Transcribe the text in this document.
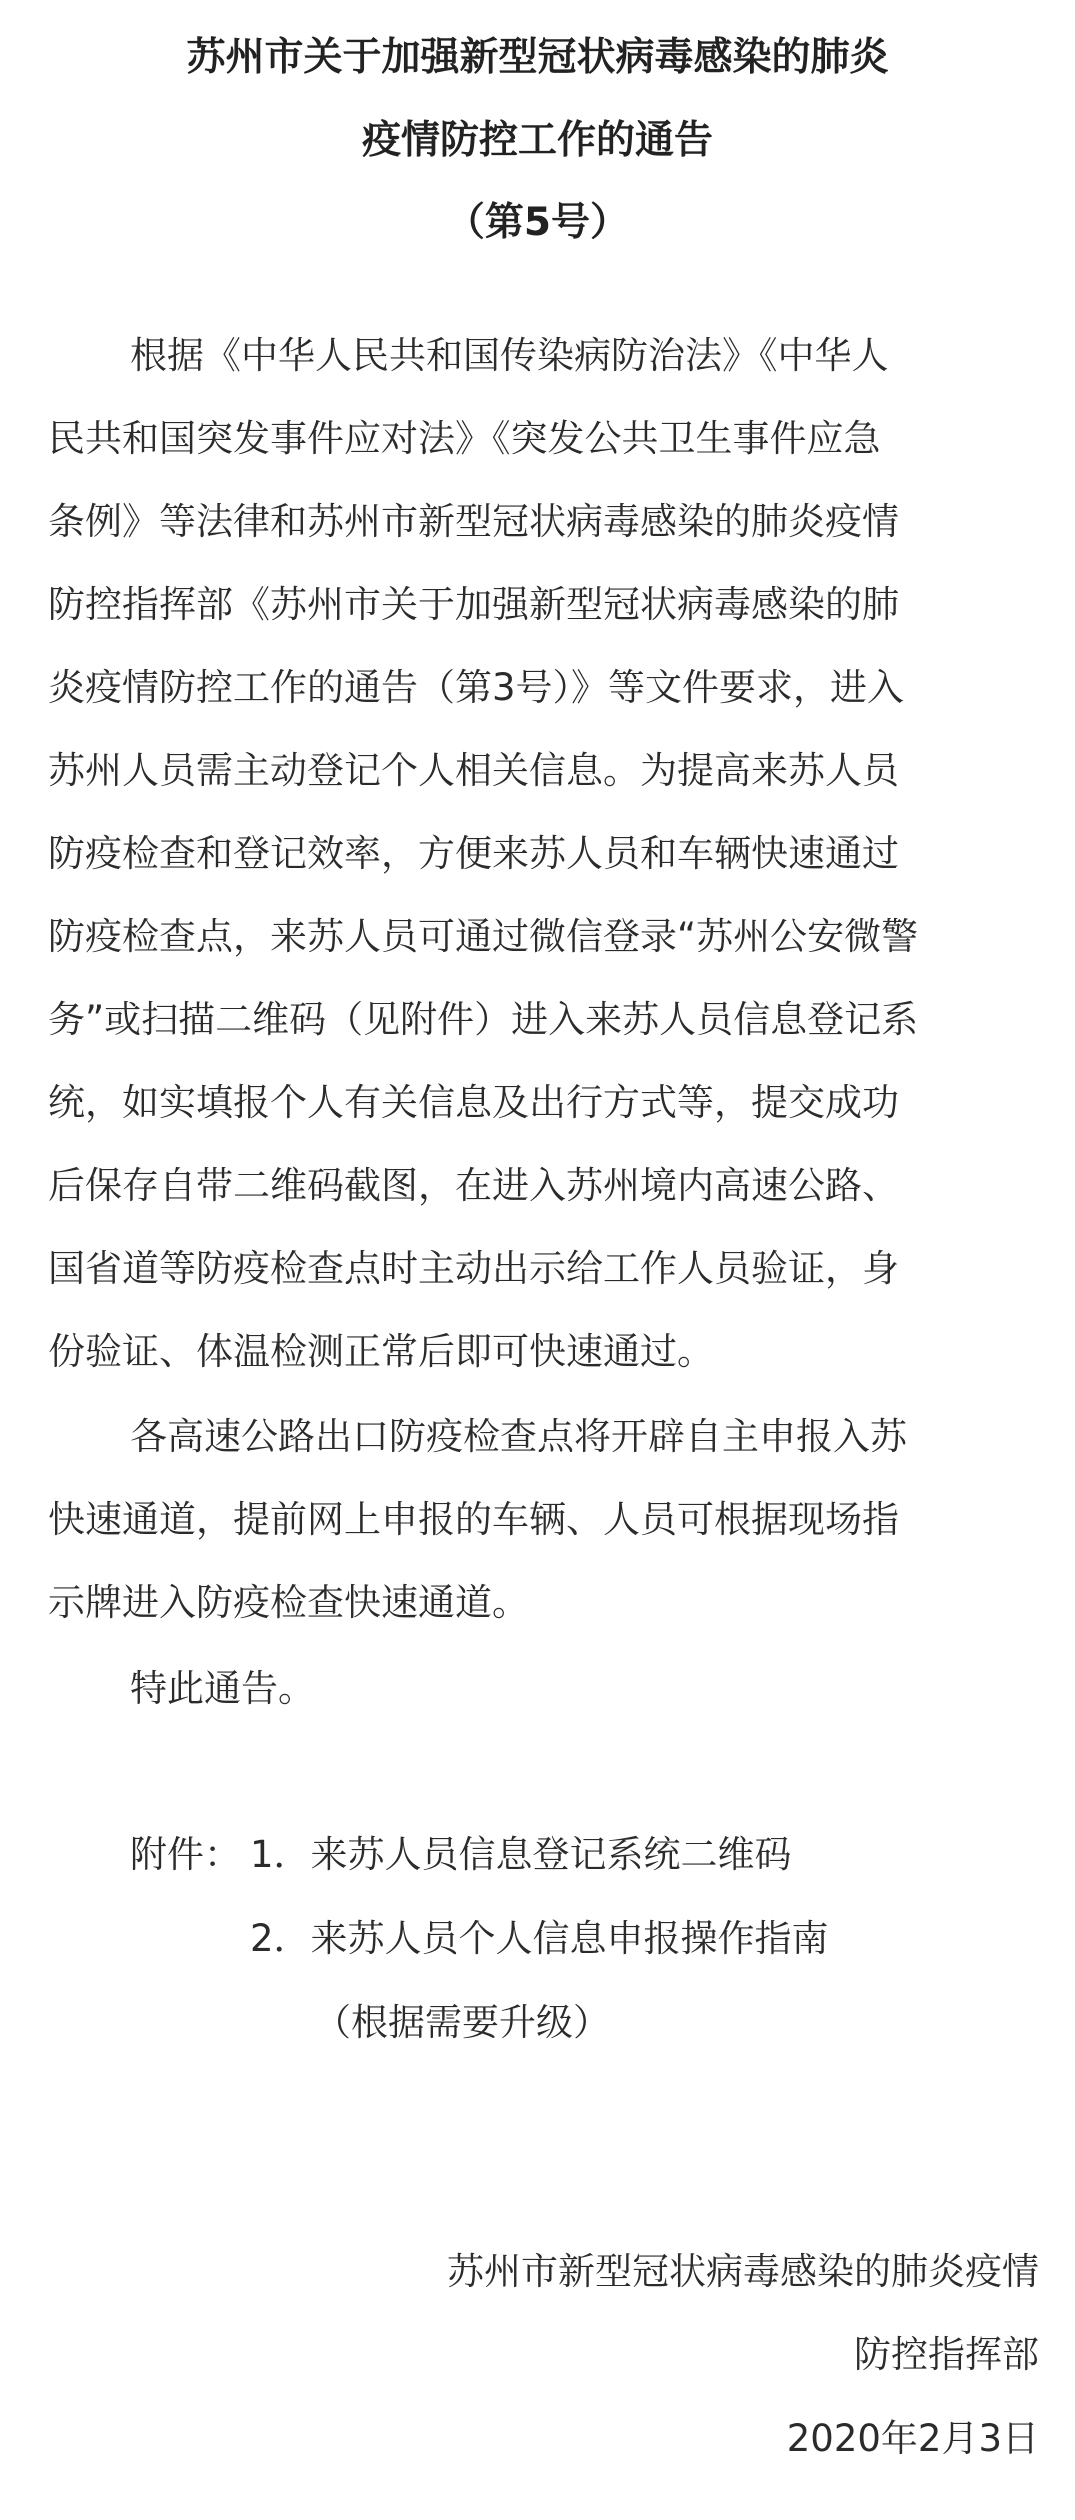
苏州市关于加强新型冠状病毒感染的肺炎
疫情防控工作的通告
（第5号）
根据《中华人民共和国传染病防治法》《中华人
民共和国突发事件应对法》《突发公共卫生事件应急
条例》等法律和苏州市新型冠状病毒感染的肺炎疫情
防控指挥部《苏州市关于加强新型冠状病毒感染的肺
炎疫情防控工作的通告（第3号）》等文件要求，进入
苏州人员需主动登记个人相关信息。为提高来苏人员
防疫检查和登记效率，方便来苏人员和车辆快速通过
防疫检查点，来苏人员可通过微信登录“苏州公安微警
务”或扫描二维码（见附件）进入来苏人员信息登记系
统，如实填报个人有关信息及出行方式等，提交成功
后保存自带二维码截图，在进入苏州境内高速公路、
国省道等防疫检查点时主动出示给工作人员验证，身
份验证、体温检测正常后即可快速通过。
各高速公路出口防疫检查点将开辟自主申报入苏
快速通道，提前网上申报的车辆、人员可根据现场指
示牌进入防疫检查快速通道。
特此通告。
附件： 1．来苏人员信息登记系统二维码
2．来苏人员个人信息申报操作指南
（根据需要升级）
苏州市新型冠状病毒感染的肺炎疫情
防控指挥部
2020年2月3日
